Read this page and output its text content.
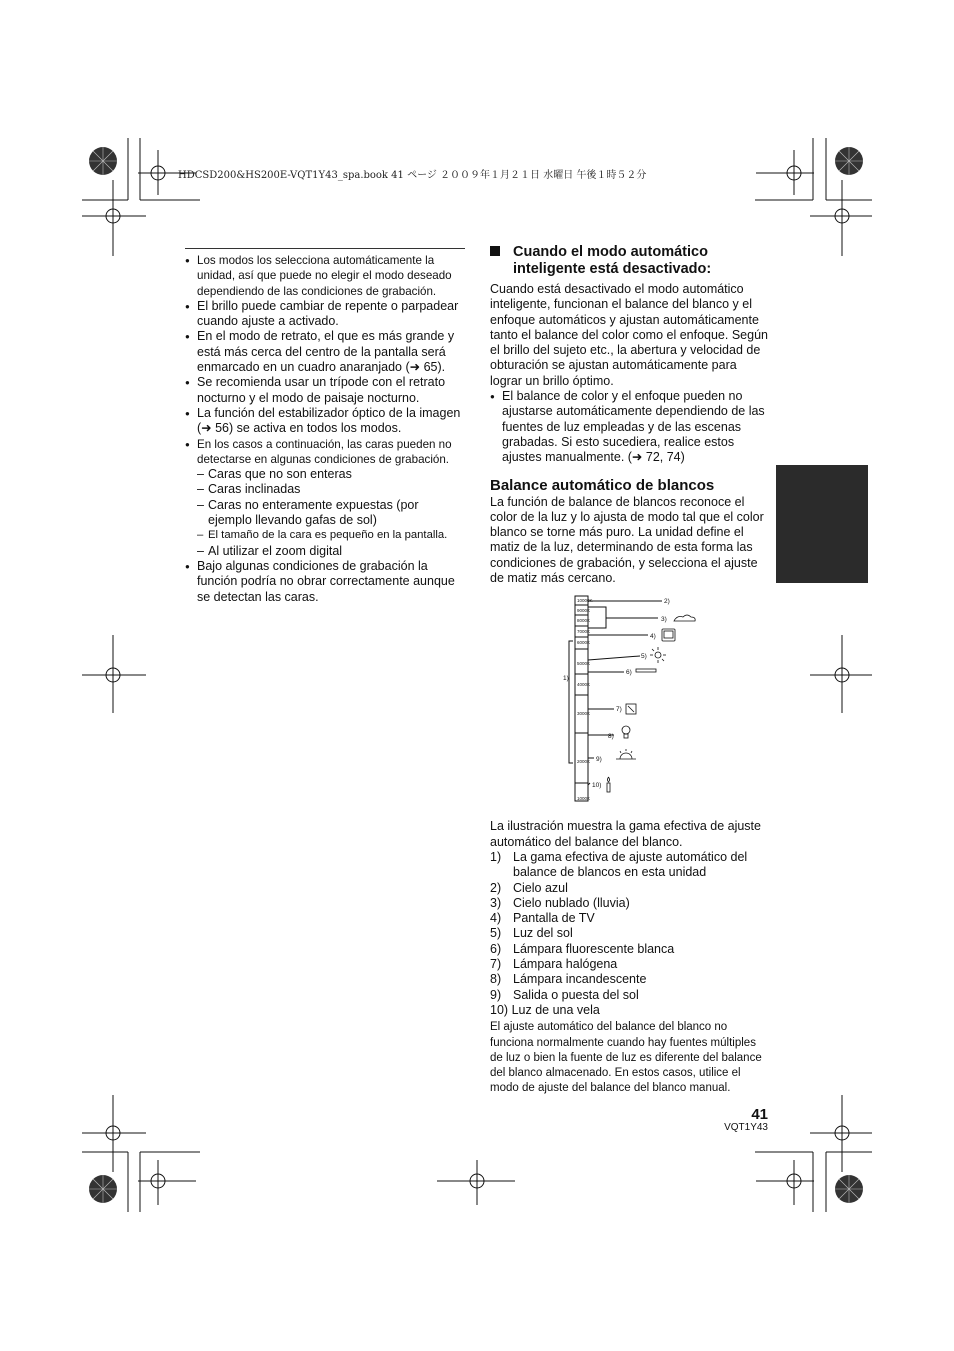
HDCSD200&HS200E-VQT1Y43_spa.book 41 ページ ２００９年１月２１日 水曜日 午後１時５２分
● Los modos los selecciona automáticamente la unidad, así que puede no elegir el modo deseado dependiendo de las condiciones de grabación.
● El brillo puede cambiar de repente o parpadear cuando ajuste a activado.
● En el modo de retrato, el que es más grande y está más cerca del centro de la pantalla será enmarcado en un cuadro anaranjado (➜ 65).
● Se recomienda usar un trípode con el retrato nocturno y el modo de paisaje nocturno.
● La función del estabilizador óptico de la imagen (➜ 56) se activa en todos los modos.
● En los casos a continuación, las caras pueden no detectarse en algunas condiciones de grabación.
– Caras que no son enteras
– Caras inclinadas
– Caras no enteramente expuestas (por ejemplo llevando gafas de sol)
– El tamaño de la cara es pequeño en la pantalla.
– Al utilizar el zoom digital
● Bajo algunas condiciones de grabación la función podría no obrar correctamente aunque se detectan las caras.
Cuando el modo automático inteligente está desactivado:

Cuando está desactivado el modo automático inteligente, funcionan el balance del blanco y el enfoque automáticos y ajustan automáticamente tanto el balance del color como el enfoque. Según el brillo del sujeto etc., la abertura y velocidad de obturación se ajustan automáticamente para lograr un brillo óptimo.

● El balance de color y el enfoque pueden no ajustarse automáticamente dependiendo de las fuentes de luz empleadas y de las escenas grabadas. Si esto sucediera, realice estos ajustes manualmente. (➜ 72, 74)
Balance automático de blancos

La función de balance de blancos reconoce el color de la luz y lo ajusta de modo tal que el color blanco se torne más puro. La unidad define el matiz de la luz, determinando de esta forma las condiciones de grabación, y selecciona el ajuste de matiz más cercano.

10000K
9000K
8000K
7000K
6000K
5000K
4000K
3000K
2000K
1000K
1)
2)
3)
4)
5)
6)
7)
8)
9)
10)

La ilustración muestra la gama efectiva de ajuste automático del balance del blanco.

1) La gama efectiva de ajuste automático del balance de blancos en esta unidad
2) Cielo azul
3) Cielo nublado (lluvia)
4) Pantalla de TV
5) Luz del sol
6) Lámpara fluorescente blanca
7) Lámpara halógena
8) Lámpara incandescente
9) Salida o puesta del sol
10) Luz de una vela

El ajuste automático del balance del blanco no funciona normalmente cuando hay fuentes múltiples de luz o bien la fuente de luz es diferente del balance del blanco almacenado. En estos casos, utilice el modo de ajuste del balance del blanco manual.

41
VQT1Y43
